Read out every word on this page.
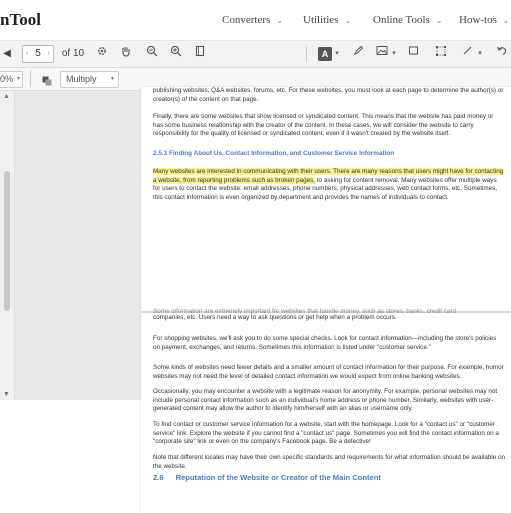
nTool	Converters ⌄ Utilities ⌄ Online Tools ⌄ How-tos ⌄
◀ ‹ 5 › of 10	A ▾	▾	▾
0% ▾	Multiply ▾
▲
▼
publishing websites, Q&A websites, forums, etc. For these websites, you must look at each page to determine the author(s) or creator(s) of the content on that page.
Finally, there are some websites that show licensed or syndicated content. This means that the website has paid money or has some business relationship with the creator of the content. In these cases, we will consider the website to carry responsibility for the quality of licensed or syndicated content, even if it wasn't created by the website itself.
2.5.3 Finding About Us, Contact Information, and Customer Service Information
Many websites are interested in communicating with their users. There are many reasons that users might have for contacting a website, from reporting problems such as broken pages, to asking for content removal. Many websites offer multiple ways for users to contact the website: email addresses, phone numbers, physical addresses, web contact forms, etc. Sometimes, this contact information is even organized by department and provides the names of individuals to contact.
Some information are extremely important for websites that handle money, such as stores, banks, credit card
companies, etc. Users need a way to ask questions or get help when a problem occurs.
For shopping websites, we'll ask you to do some special checks. Look for contact information—including the store's policies on payment, exchanges, and returns. Sometimes this information is listed under "customer service."
Some kinds of websites need fewer details and a smaller amount of contact information for their purpose. For example, humor websites may not need the level of detailed contact information we would expect from online banking websites.
Occasionally, you may encounter a website with a legitimate reason for anonymity. For example, personal websites may not include personal contact information such as an individual's home address or phone number. Similarly, websites with user-generated content may allow the author to identify him/herself with an alias or username only.
To find contact or customer service information for a website, start with the homepage. Look for a "contact us" or "customer service" link. Explore the website if you cannot find a "contact us" page. Sometimes you will find the contact information on a "corporate site" link or even on the company's Facebook page. Be a detective!
Note that different locales may have their own specific standards and requirements for what information should be available on the website.
2.6 Reputation of the Website or Creator of the Main Content
